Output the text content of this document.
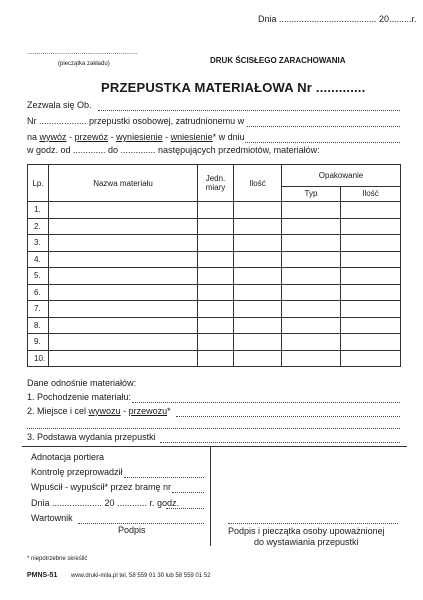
Dnia ....................................... 20.........r.
.........................................................
(pieczątka zakładu)	DRUK ŚCISŁEGO ZARACHOWANIA
PRZEPUSTKA MATERIAŁOWA Nr .............
Zezwala się Ob.
Nr ................... przepustki osobowej, zatrudnionemu w
na wywóz - przewóz - wyniesienie - wniesienie* w dniu
w godz. od ............. do .............. następujących przedmiotów, materiałów:
Lp.	Nazwa materiału	Jedn. miary	Ilość	Opakowanie	
				Typ	Ilość
1.					
2.					
3.					
4.					
5.					
6.					
7.					
8.					
9.					
10.					
Dane odnośnie materiałów:
1. Pochodzenie materiału:
2. Miejsce i cel wywozu - przewozu*
3. Podstawa wydania przepustki
Adnotacja portiera
Kontrolę przeprowadził
Wpuścił - wypuścił* przez bramę nr
Dnia .................... 20 ............ r. godz.
Wartownik
Podpis	Podpis i pieczątka osoby upoważnionej
do wystawiania przepustki
* niepotrzebne skreślić
PMNS-51 www.druki-mila.pl tel. 58 559 01 30 lub 58 559 01 52
